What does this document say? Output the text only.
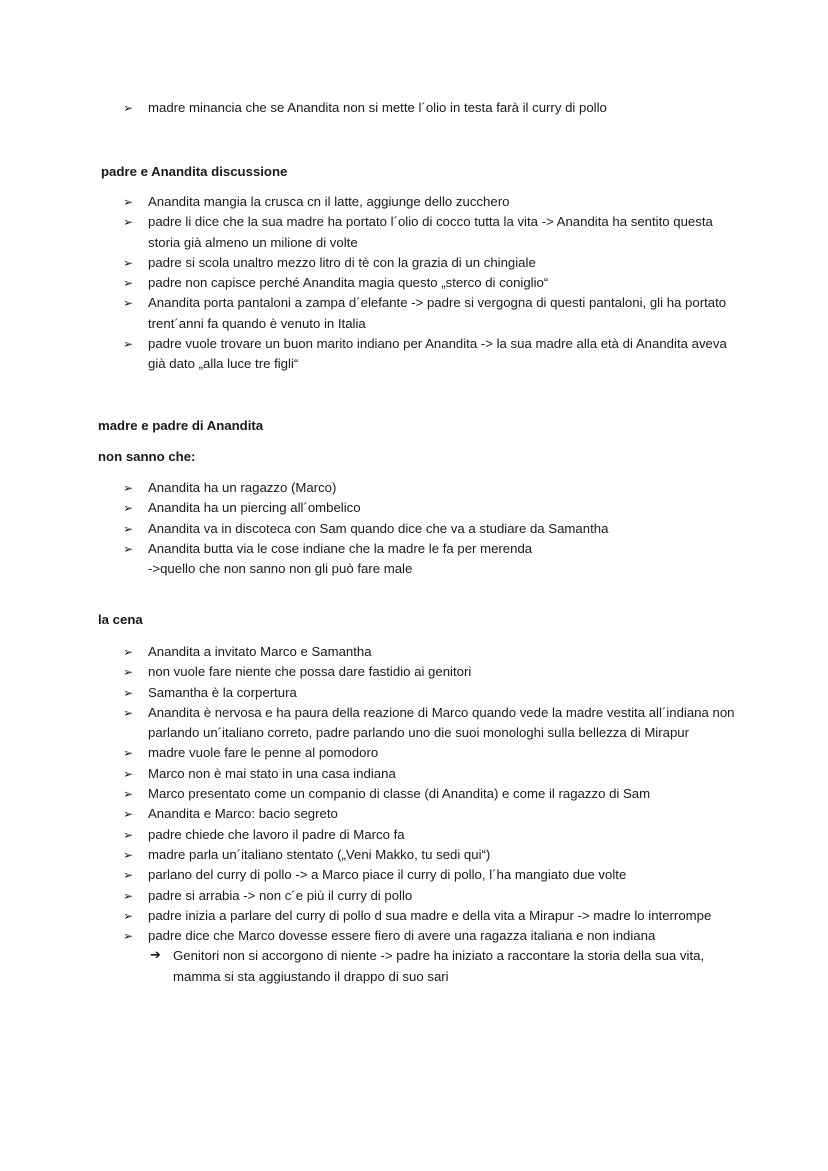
➢ madre minancia che se Anandita non si mette l´olio in testa farà il curry di pollo
padre e Anandita discussione
➢ Anandita mangia la crusca cn il latte, aggiunge dello zucchero
➢ padre li dice che la sua madre ha portato l´olio di cocco tutta la vita -> Anandita ha sentito questa storia già almeno un milione di volte
➢ padre si scola unaltro mezzo litro di tè con la grazia di un chingiale
➢ padre non capisce perché Anandita magia questo „sterco di coniglio“
➢ Anandita porta pantaloni a zampa d´elefante -> padre si vergogna di questi pantaloni, gli ha portato trent´anni fa quando è venuto in Italia
➢ padre vuole trovare un buon marito indiano per Anandita -> la sua madre alla età di Anandita aveva già dato „alla luce tre figli“
madre e padre di Anandita
non sanno che:
➢ Anandita ha un ragazzo (Marco)
➢ Anandita ha un piercing all´ombelico
➢ Anandita va in discoteca con Sam quando dice che va a studiare da Samantha
➢ Anandita butta via le cose indiane che la madre le fa per merenda
->quello che non sanno non gli può fare male
la cena
➢ Anandita a invitato Marco e Samantha
➢ non vuole fare niente che possa dare fastidio ai genitori
➢ Samantha è la corpertura
➢ Anandita è nervosa e ha paura della reazione di Marco quando vede la madre vestita all´indiana non parlando un´italiano correto, padre parlando uno die suoi monologhi sulla bellezza di Mirapur
➢ madre vuole fare le penne al pomodoro
➢ Marco non è mai stato in una casa indiana
➢ Marco presentato come un companio di classe (di Anandita) e come il ragazzo di Sam
➢ Anandita e Marco: bacio segreto
➢ padre chiede che lavoro il padre di Marco fa
➢ madre parla un´italiano stentato („Veni Makko, tu sedi qui“)
➢ parlano del curry di pollo -> a Marco piace il curry di pollo, l´ha mangiato due volte
➢ padre si arrabia -> non c´e più il curry di pollo
➢ padre inizia a parlare del curry di pollo d sua madre e della vita a Mirapur -> madre lo interrompe
➢ padre dice che Marco dovesse essere fiero di avere una ragazza italiana e non indiana
➔ Genitori non si accorgono di niente -> padre ha iniziato a raccontare la storia della sua vita, mamma si sta aggiustando il drappo di suo sari
